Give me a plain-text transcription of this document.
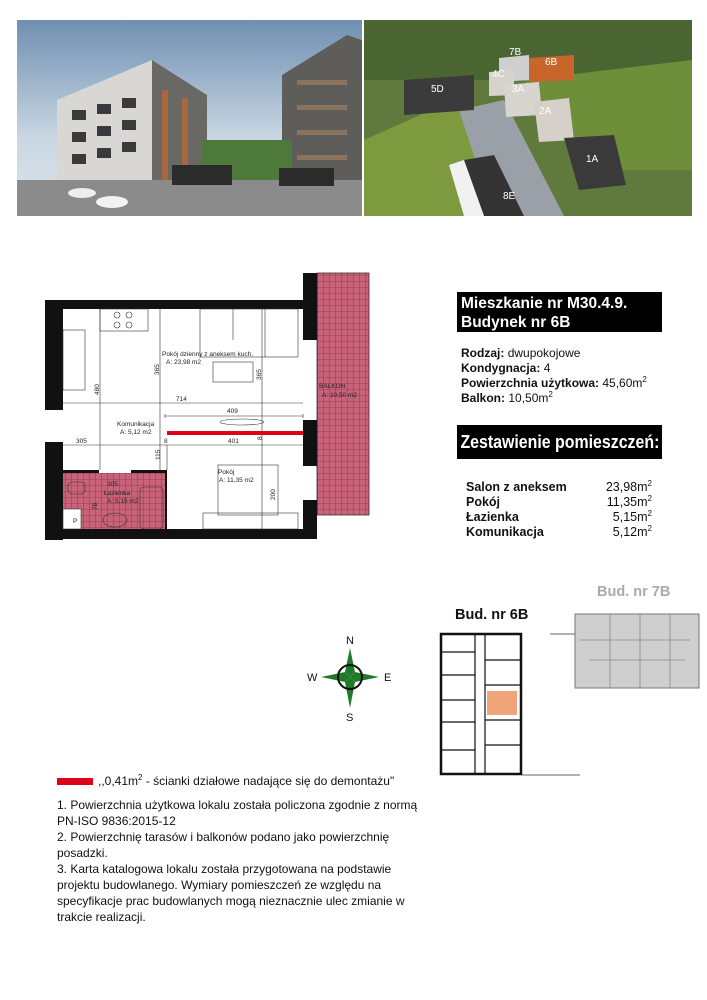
7B
6B
4C
5D	3A
2A
1A
8E
Pokój dzienny z aneksem kuch.
A: 23,98 m2
Komunikacja
A: 5,12 m2
Pokój
A: 11,35 m2
Łazienka
A: 5,15 m2
BALKON
A: 10,50 m2
714
409
401
305
305
8
P
365	365
480
115
200
8
78
Mieszkanie nr M30.4.9.
Budynek nr 6B
Rodzaj: dwupokojowe
Kondygnacja: 4
Powierzchnia użytkowa: $45,60m^2$
Balkon: $10,50m^2$
Zestawienie pomieszczeń:
Salon z aneksem	$23,98m^2$
Pokój	$11,35m^2$
Łazienka	$5,15m^2$
Komunikacja	$5,12m^2$
N
S
W	E
Bud. nr 6B
Bud. nr 7B
$,,0,41m^2$ - ścianki działowe nadające się do demontażu"

1. Powierzchnia użytkowa lokalu została policzona zgodnie z normą PN-ISO 9836:2015-12

2. Powierzchnię tarasów i balkonów podano jako powierzchnię posadzki.

3. Karta katalogowa lokalu została przygotowana na podstawie projektu budowlanego. Wymiary pomieszczeń ze względu na specyfikacje prac budowlanych mogą nieznacznie ulec zmianie w trakcie realizacji.
